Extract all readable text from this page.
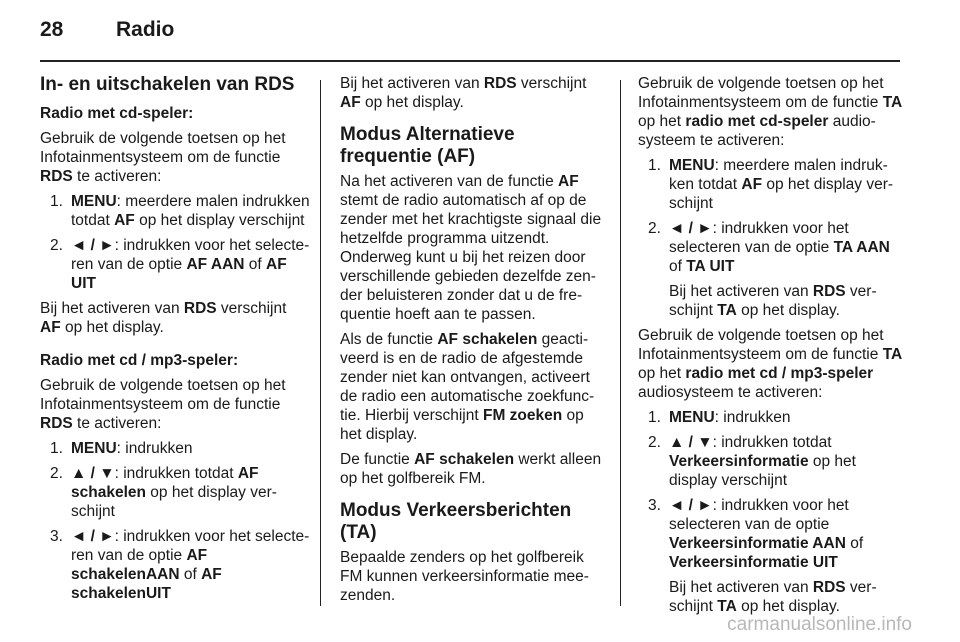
28	Radio
In- en uitschakelen van RDS

Radio met cd-speler:

Gebruik de volgende toetsen op het Infotainmentsysteem om de functie RDS te activeren:

1. MENU: meerdere malen indrukken totdat AF op het display verschijnt

2. ◄ / ►: indrukken voor het selecteren van de optie AF AAN of AF UIT

Bij het activeren van RDS verschijnt AF op het display.

Radio met cd / mp3-speler:

Gebruik de volgende toetsen op het Infotainmentsysteem om de functie RDS te activeren:

1. MENU: indrukken

2. ▲ / ▼: indrukken totdat AF schakelen op het display verschijnt

3. ◄ / ►: indrukken voor het selecteren van de optie AF schakelenAAN of AF schakelenUIT

Bij het activeren van RDS verschijnt AF op het display.

Modus Alternatieve frequentie (AF)

Na het activeren van de functie AF stemt de radio automatisch af op de zender met het krachtigste signaal die hetzelfde programma uitzendt. Onderweg kunt u bij het reizen door verschillende gebieden dezelfde zender beluisteren zonder dat u de frequentie hoeft aan te passen.

Als de functie AF schakelen geactiveerd is en de radio de afgestemde zender niet kan ontvangen, activeert de radio een automatische zoekfunctie. Hierbij verschijnt FM zoeken op het display.

De functie AF schakelen werkt alleen op het golfbereik FM.

Modus Verkeersberichten (TA)

Bepaalde zenders op het golfbereik FM kunnen verkeersinformatie meezenden.

Gebruik de volgende toetsen op het Infotainmentsysteem om de functie TA op het radio met cd-speler audiosysteem te activeren:

1. MENU: meerdere malen indrukken totdat AF op het display verschijnt

2. ◄ / ►: indrukken voor het selecteren van de optie TA AAN of TA UIT

Bij het activeren van RDS verschijnt TA op het display.

Gebruik de volgende toetsen op het Infotainmentsysteem om de functie TA op het radio met cd / mp3-speler audiosysteem te activeren:

1. MENU: indrukken

2. ▲ / ▼: indrukken totdat Verkeersinformatie op het display verschijnt

3. ◄ / ►: indrukken voor het selecteren van de optie Verkeersinformatie AAN of Verkeersinformatie UIT

Bij het activeren van RDS verschijnt TA op het display.

carmanualsonline.info
